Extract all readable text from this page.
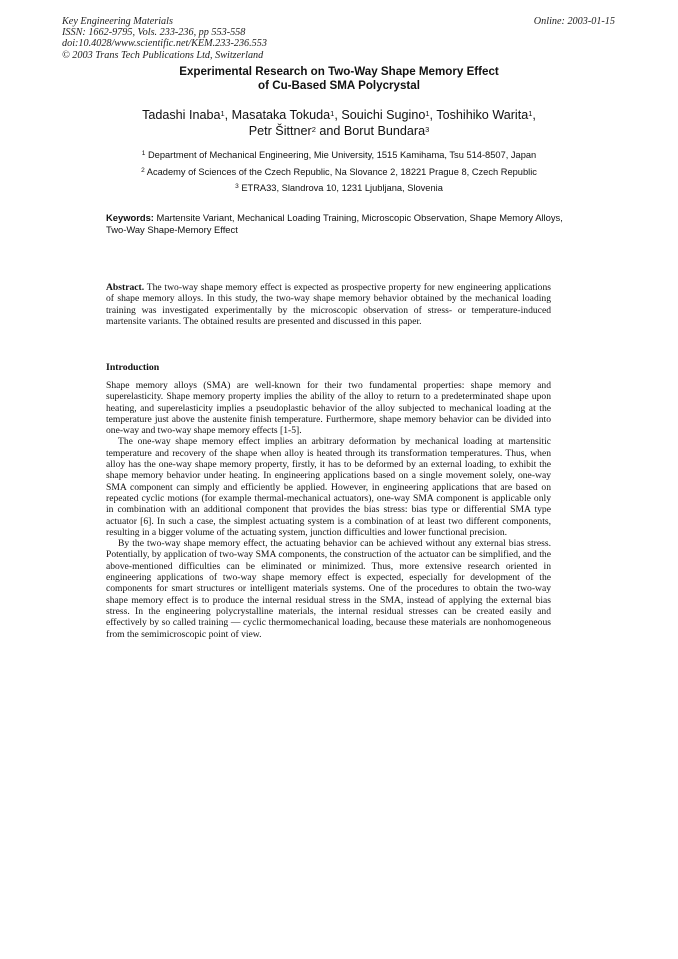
Key Engineering Materials
ISSN: 1662-9795, Vols. 233-236, pp 553-558
doi:10.4028/www.scientific.net/KEM.233-236.553
© 2003 Trans Tech Publications Ltd, Switzerland
Online: 2003-01-15
Experimental Research on Two-Way Shape Memory Effect
of Cu-Based SMA Polycrystal
Tadashi Inaba$^1$, Masataka Tokuda$^1$, Souichi Sugino$^1$, Toshihiko Warita$^1$,
Petr Šittner$^2$ and Borut Bundara$^3$
$^1$ Department of Mechanical Engineering, Mie University, 1515 Kamihama, Tsu 514-8507, Japan
$^2$ Academy of Sciences of the Czech Republic, Na Slovance 2, 18221 Prague 8, Czech Republic
$^3$ ETRA33, Slandrova 10, 1231 Ljubljana, Slovenia
Keywords: Martensite Variant, Mechanical Loading Training, Microscopic Observation, Shape Memory Alloys, Two-Way Shape-Memory Effect
Abstract. The two-way shape memory effect is expected as prospective property for new engineering applications of shape memory alloys. In this study, the two-way shape memory behavior obtained by the mechanical loading training was investigated experimentally by the microscopic observation of stress- or temperature-induced martensite variants. The obtained results are presented and discussed in this paper.
Introduction

Shape memory alloys (SMA) are well-known for their two fundamental properties: shape memory and superelasticity. Shape memory property implies the ability of the alloy to return to a predeterminated shape upon heating, and superelasticity implies a pseudoplastic behavior of the alloy subjected to mechanical loading at the temperature just above the austenite finish temperature. Furthermore, shape memory behavior can be divided into one-way and two-way shape memory effects [1-5].

The one-way shape memory effect implies an arbitrary deformation by mechanical loading at martensitic temperature and recovery of the shape when alloy is heated through its transformation temperatures. Thus, when alloy has the one-way shape memory property, firstly, it has to be deformed by an external loading, to exhibit the shape memory behavior under heating. In engineering applications based on a single movement solely, one-way SMA component can simply and efficiently be applied. However, in engineering applications that are based on repeated cyclic motions (for example thermal-mechanical actuators), one-way SMA component is applicable only in combination with an additional component that provides the bias stress: bias type or differential SMA type actuator [6]. In such a case, the simplest actuating system is a combination of at least two different components, resulting in a bigger volume of the actuating system, junction difficulties and lower functional precision.

By the two-way shape memory effect, the actuating behavior can be achieved without any external bias stress. Potentially, by application of two-way SMA components, the construction of the actuator can be simplified, and the above-mentioned difficulties can be eliminated or minimized. Thus, more extensive research oriented in engineering applications of two-way shape memory effect is expected, especially for development of the components for smart structures or intelligent materials systems. One of the procedures to obtain the two-way shape memory effect is to produce the internal residual stress in the SMA, instead of applying the external bias stress. In the engineering polycrystalline materials, the internal residual stresses can be created easily and effectively by so called training — cyclic thermomechanical loading, because these materials are nonhomogeneous from the semimicroscopic point of view.
